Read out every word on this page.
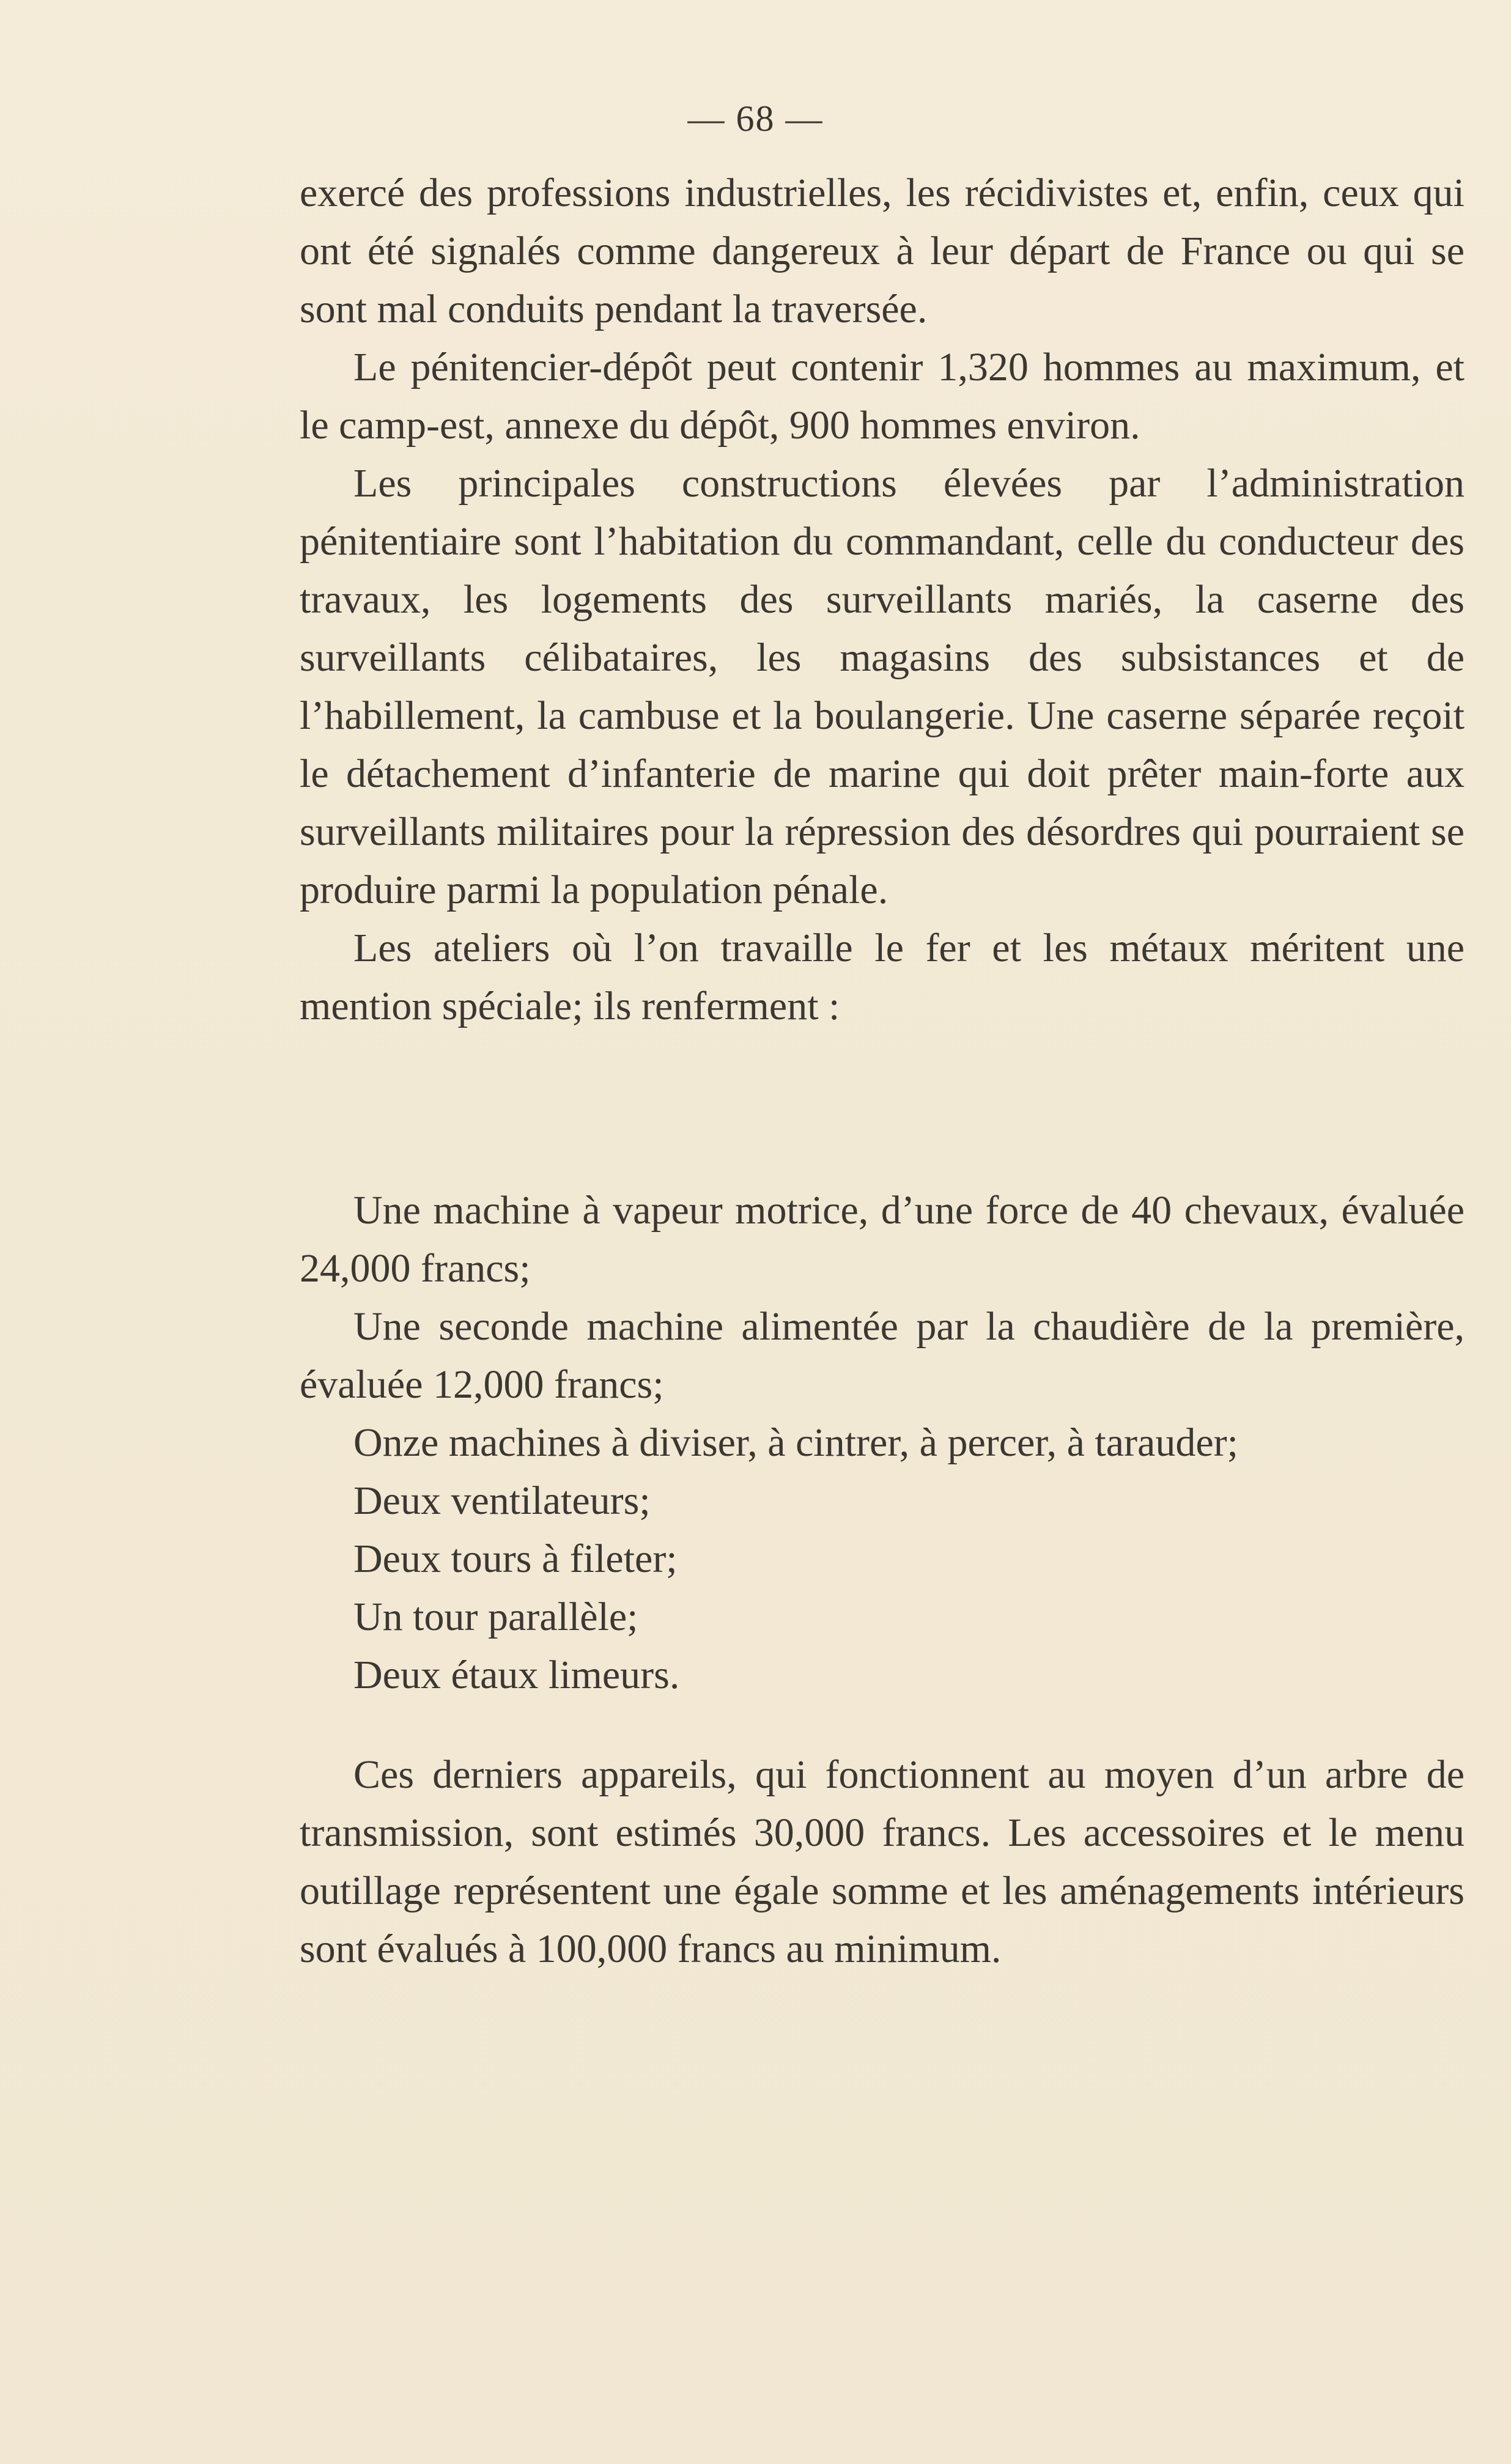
— 68 —

exercé des professions industrielles, les récidivistes et, enfin, ceux qui ont été signalés comme dangereux à leur départ de France ou qui se sont mal conduits pendant la traversée.

Le pénitencier-dépôt peut contenir 1,320 hommes au maximum, et le camp-est, annexe du dépôt, 900 hommes environ.

Les principales constructions élevées par l’administration pénitentiaire sont l’habitation du commandant, celle du conducteur des travaux, les logements des surveillants mariés, la caserne des surveillants célibataires, les magasins des subsistances et de l’habillement, la cambuse et la boulangerie. Une caserne séparée reçoit le détachement d’infanterie de marine qui doit prêter main-forte aux surveillants militaires pour la répression des désordres qui pourraient se produire parmi la population pénale.

Les ateliers où l’on travaille le fer et les métaux méritent une mention spéciale; ils renferment :

Une machine à vapeur motrice, d’une force de 40 chevaux, évaluée 24,000 francs;

Une seconde machine alimentée par la chaudière de la première, évaluée 12,000 francs;

Onze machines à diviser, à cintrer, à percer, à tarauder;

Deux ventilateurs;

Deux tours à fileter;

Un tour parallèle;

Deux étaux limeurs.

Ces derniers appareils, qui fonctionnent au moyen d’un arbre de transmission, sont estimés 30,000 francs. Les accessoires et le menu outillage représentent une égale somme et les aménagements intérieurs sont évalués à 100,000 francs au minimum.
